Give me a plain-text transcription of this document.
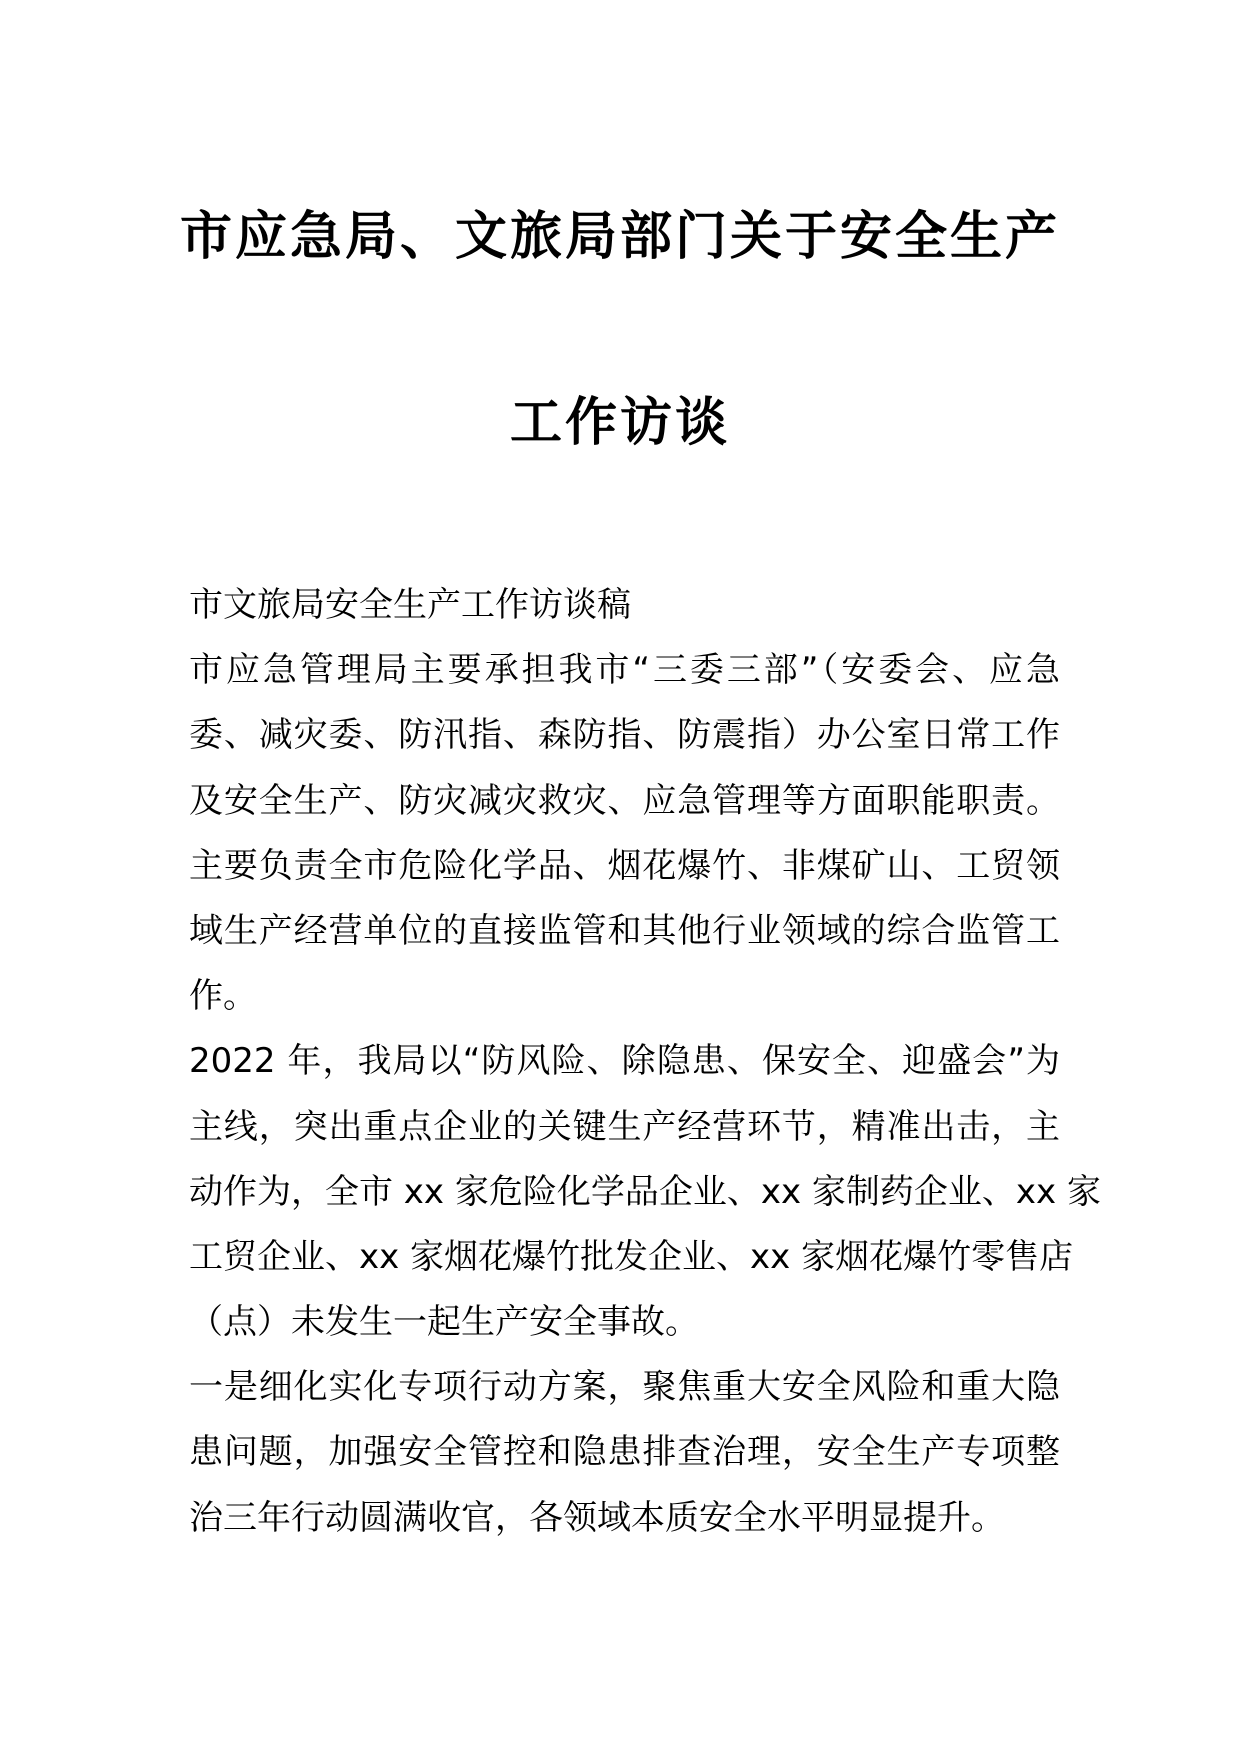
市应急局、文旅局部门关于安全生产
工作访谈
市文旅局安全生产工作访谈稿
市应急管理局主要承担我市“三委三部”（安委会、应急
委、减灾委、防汛指、森防指、防震指）办公室日常工作
及安全生产、防灾减灾救灾、应急管理等方面职能职责。
主要负责全市危险化学品、烟花爆竹、非煤矿山、工贸领
域生产经营单位的直接监管和其他行业领域的综合监管工
作。
2022 年，我局以“防风险、除隐患、保安全、迎盛会”为
主线，突出重点企业的关键生产经营环节，精准出击，主
动作为，全市 xx 家危险化学品企业、xx 家制药企业、xx 家
工贸企业、xx 家烟花爆竹批发企业、xx 家烟花爆竹零售店
（点）未发生一起生产安全事故。
一是细化实化专项行动方案，聚焦重大安全风险和重大隐
患问题，加强安全管控和隐患排查治理，安全生产专项整
治三年行动圆满收官，各领域本质安全水平明显提升。
